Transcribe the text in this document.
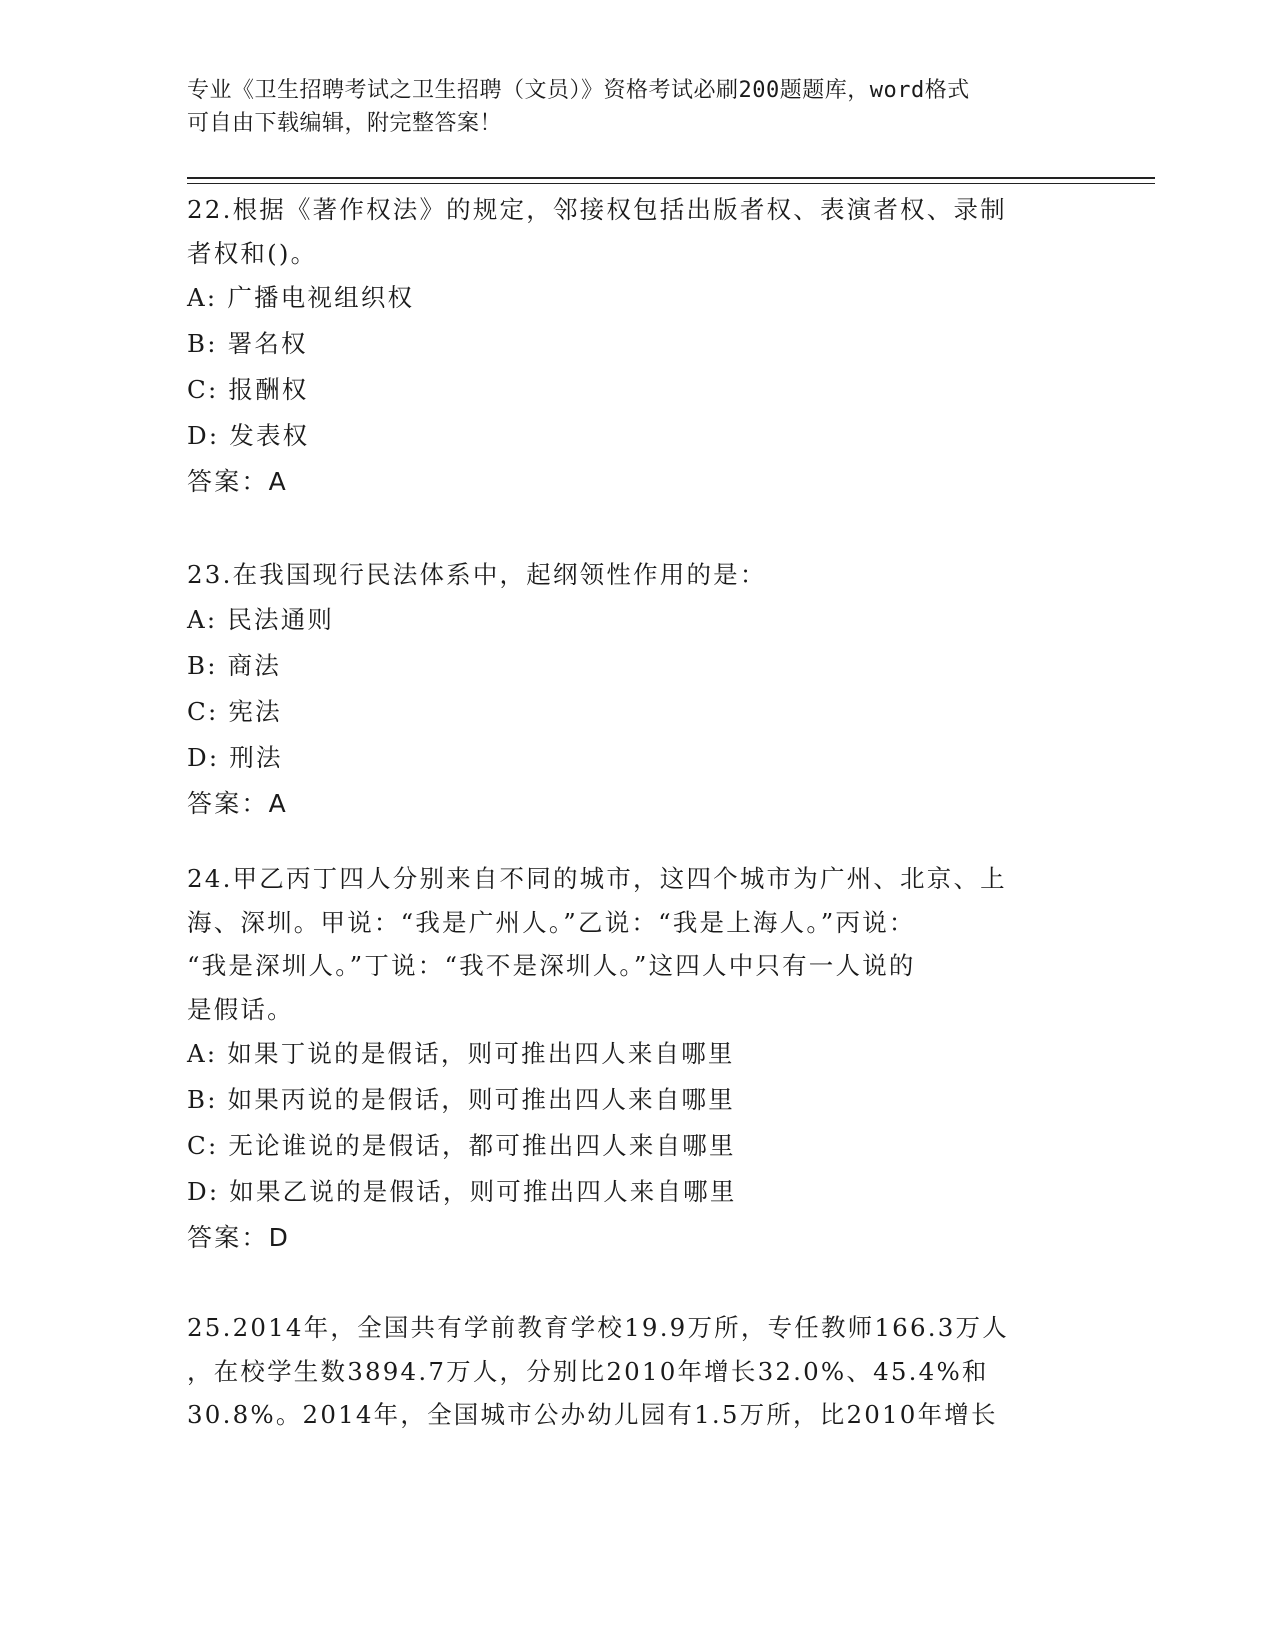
专业《卫生招聘考试之卫生招聘（文员）》资格考试必刷200题题库，word格式
可自由下载编辑，附完整答案！
22.根据《著作权法》的规定，邻接权包括出版者权、表演者权、录制
者权和()。
A: 广播电视组织权
B: 署名权
C: 报酬权
D: 发表权
答案：A
23.在我国现行民法体系中，起纲领性作用的是：
A: 民法通则
B: 商法
C: 宪法
D: 刑法
答案：A
24.甲乙丙丁四人分别来自不同的城市，这四个城市为广州、北京、上
海、深圳。甲说：“我是广州人。”乙说：“我是上海人。”丙说：
“我是深圳人。”丁说：“我不是深圳人。”这四人中只有一人说的
是假话。
A: 如果丁说的是假话，则可推出四人来自哪里
B: 如果丙说的是假话，则可推出四人来自哪里
C: 无论谁说的是假话，都可推出四人来自哪里
D: 如果乙说的是假话，则可推出四人来自哪里
答案：D
25.2014年，全国共有学前教育学校19.9万所，专任教师166.3万人
，在校学生数3894.7万人，分别比2010年增长32.0%、45.4%和
30.8%。2014年，全国城市公办幼儿园有1.5万所，比2010年增长
